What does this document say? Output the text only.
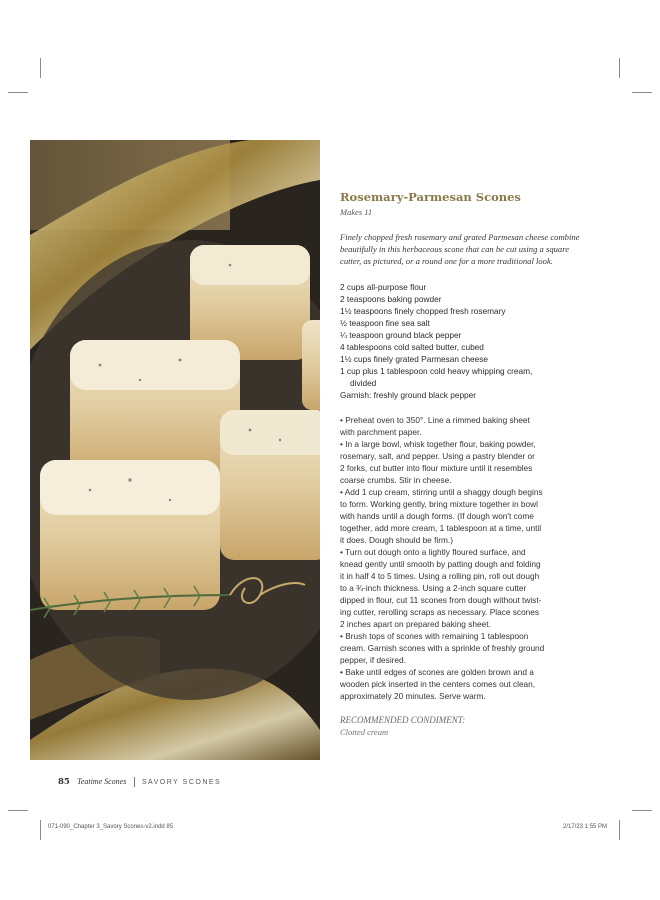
Rosemary-Parmesan Scones
Makes 11
Finely chopped fresh rosemary and grated Parmesan cheese combine beautifully in this herbaceous scone that can be cut using a square cutter, as pictured, or a round one for a more traditional look.
2 cups all-purpose flour
2 teaspoons baking powder
1½ teaspoons finely chopped fresh rosemary
½ teaspoon fine sea salt
¼ teaspoon ground black pepper
4 tablespoons cold salted butter, cubed
1½ cups finely grated Parmesan cheese
1 cup plus 1 tablespoon cold heavy whipping cream,
divided
Garnish: freshly ground black pepper
• Preheat oven to 350°. Line a rimmed baking sheet
with parchment paper.
• In a large bowl, whisk together flour, baking powder,
rosemary, salt, and pepper. Using a pastry blender or
2 forks, cut butter into flour mixture until it resembles
coarse crumbs. Stir in cheese.
• Add 1 cup cream, stirring until a shaggy dough begins
to form. Working gently, bring mixture together in bowl
with hands until a dough forms. (If dough won't come
together, add more cream, 1 tablespoon at a time, until
it does. Dough should be firm.)
• Turn out dough onto a lightly floured surface, and
knead gently until smooth by patting dough and folding
it in half 4 to 5 times. Using a rolling pin, roll out dough
to a ¾-inch thickness. Using a 2-inch square cutter
dipped in flour, cut 11 scones from dough without twist-
ing cutter, rerolling scraps as necessary. Place scones
2 inches apart on prepared baking sheet.
• Brush tops of scones with remaining 1 tablespoon
cream. Garnish scones with a sprinkle of freshly ground
pepper, if desired.
• Bake until edges of scones are golden brown and a
wooden pick inserted in the centers comes out clean,
approximately 20 minutes. Serve warm.
RECOMMENDED CONDIMENT:
Clotted cream
85 Teatime Scones SAVORY SCONES
071-090_Chapter 3_Savory Scones-v2.indd 85	2/17/23 1:55 PM
